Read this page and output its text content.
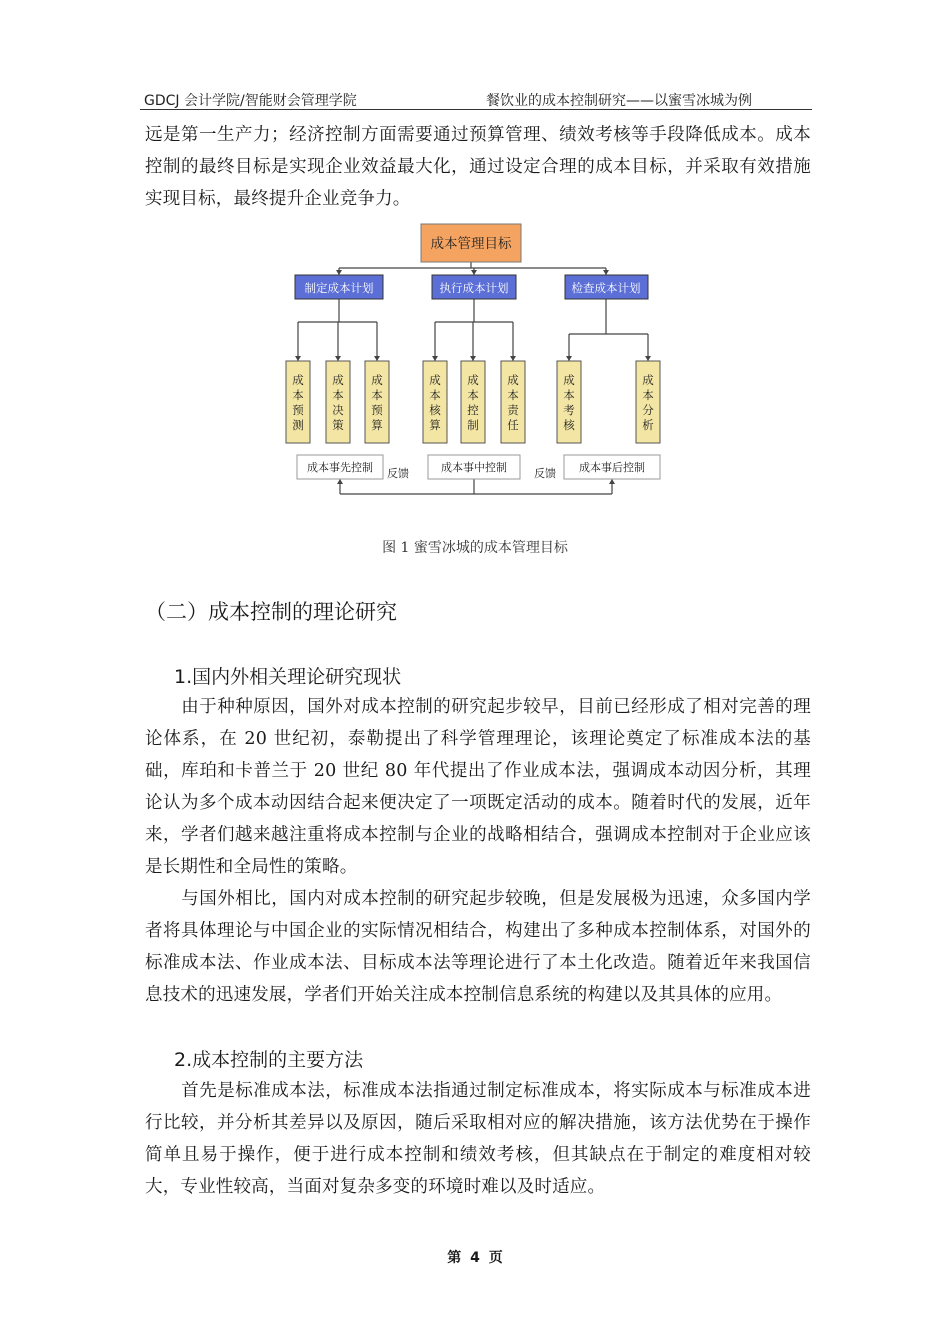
GDCJ 会计学院/智能财会管理学院	餐饮业的成本控制研究——以蜜雪冰城为例

远是第一生产力；经济控制方面需要通过预算管理、绩效考核等手段降低成本。成本控制的最终目标是实现企业效益最大化，通过设定合理的成本目标，并采取有效措施实现目标，最终提升企业竞争力。

成本管理目标
制定成本计划	执行成本计划	检查成本计划
成本预测
成本决策
成本预算
成本核算
成本控制
成本责任
成本考核
成本分析
成本事先控制	成本事中控制	成本事后控制
反馈	反馈
图 1 蜜雪冰城的成本管理目标
（二）成本控制的理论研究
1.国内外相关理论研究现状

由于种种原因，国外对成本控制的研究起步较早，目前已经形成了相对完善的理论体系，在 20 世纪初，泰勒提出了科学管理理论，该理论奠定了标准成本法的基础，库珀和卡普兰于 20 世纪 80 年代提出了作业成本法，强调成本动因分析，其理论认为多个成本动因结合起来便决定了一项既定活动的成本。随着时代的发展，近年来，学者们越来越注重将成本控制与企业的战略相结合，强调成本控制对于企业应该是长期性和全局性的策略。

与国外相比，国内对成本控制的研究起步较晚，但是发展极为迅速，众多国内学者将具体理论与中国企业的实际情况相结合，构建出了多种成本控制体系，对国外的标准成本法、作业成本法、目标成本法等理论进行了本土化改造。随着近年来我国信息技术的迅速发展，学者们开始关注成本控制信息系统的构建以及其具体的应用。

2.成本控制的主要方法

首先是标准成本法，标准成本法指通过制定标准成本，将实际成本与标准成本进行比较，并分析其差异以及原因，随后采取相对应的解决措施，该方法优势在于操作简单且易于操作，便于进行成本控制和绩效考核，但其缺点在于制定的难度相对较大，专业性较高，当面对复杂多变的环境时难以及时适应。

第 4 页
